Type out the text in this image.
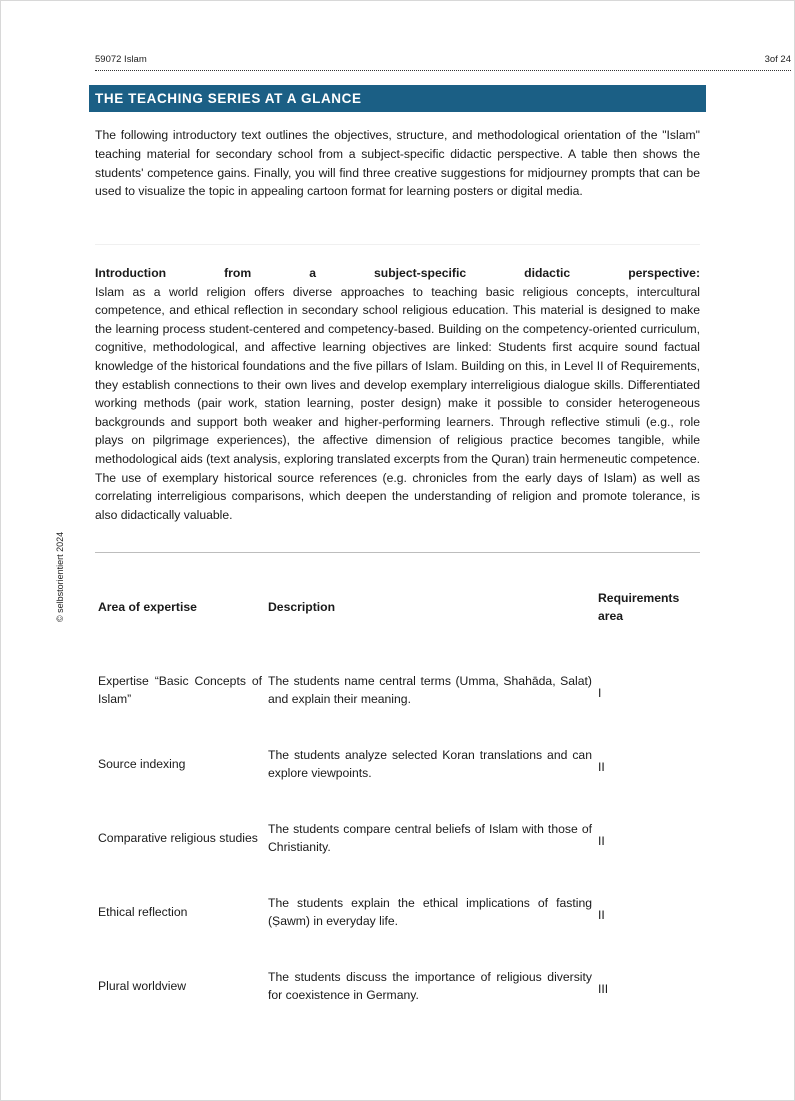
59072 Islam	3of 24
THE TEACHING SERIES AT A GLANCE

The following introductory text outlines the objectives, structure, and methodological orientation of the "Islam" teaching material for secondary school from a subject-specific didactic perspective. A table then shows the students' competence gains. Finally, you will find three creative suggestions for midjourney prompts that can be used to visualize the topic in appealing cartoon format for learning posters or digital media.

Introduction from a subject-specific didactic perspective:
Islam as a world religion offers diverse approaches to teaching basic religious concepts, intercultural competence, and ethical reflection in secondary school religious education. This material is designed to make the learning process student-centered and competency-based. Building on the competency-oriented curriculum, cognitive, methodological, and affective learning objectives are linked: Students first acquire sound factual knowledge of the historical foundations and the five pillars of Islam. Building on this, in Level II of Requirements, they establish connections to their own lives and develop exemplary interreligious dialogue skills. Differentiated working methods (pair work, station learning, poster design) make it possible to consider heterogeneous backgrounds and support both weaker and higher-performing learners. Through reflective stimuli (e.g., role plays on pilgrimage experiences), the affective dimension of religious practice becomes tangible, while methodological aids (text analysis, exploring translated excerpts from the Quran) train hermeneutic competence. The use of exemplary historical source references (e.g. chronicles from the early days of Islam) as well as correlating interreligious comparisons, which deepen the understanding of religion and promote tolerance, is also didactically valuable.

Area of expertise	Description	Requirements area

Expertise “Basic Concepts of Islam”	The students name central terms (Umma, Shahāda, Salat) and explain their meaning.	I
Source indexing	The students analyze selected Koran translations and can explore viewpoints.	II
Comparative religious studies	The students compare central beliefs of Islam with those of Christianity.	II
Ethical reflection	The students explain the ethical implications of fasting (Ṣawm) in everyday life.	II
Plural worldview	The students discuss the importance of religious diversity for coexistence in Germany.	III
© selbstorientiert 2024
